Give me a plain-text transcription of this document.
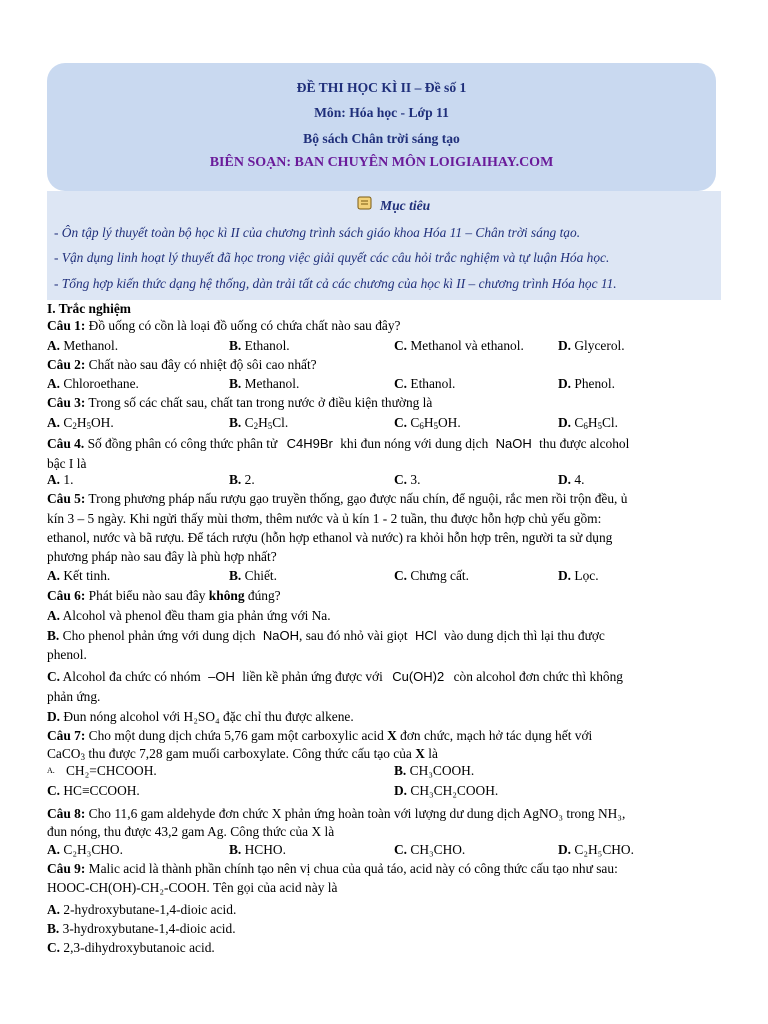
ĐỀ THI HỌC KÌ II – Đề số 1
Môn: Hóa học - Lớp 11
Bộ sách Chân trời sáng tạo
BIÊN SOẠN: BAN CHUYÊN MÔN LOIGIAIHAY.COM
Mục tiêu
- Ôn tập lý thuyết toàn bộ học kì II của chương trình sách giáo khoa Hóa 11 – Chân trời sáng tạo.
- Vận dụng linh hoạt lý thuyết đã học trong việc giải quyết các câu hỏi trắc nghiệm và tự luận Hóa học.
- Tổng hợp kiến thức dạng hệ thống, dàn trải tất cả các chương của học kì II – chương trình Hóa học 11.
I. Trắc nghiệm
Câu 1: Đồ uống có cồn là loại đồ uống có chứa chất nào sau đây?
A. Methanol.	B. Ethanol.	C. Methanol và ethanol.	D. Glycerol.
Câu 2: Chất nào sau đây có nhiệt độ sôi cao nhất?
A. Chloroethane.	B. Methanol.	C. Ethanol.	D. Phenol.
Câu 3: Trong số các chất sau, chất tan trong nước ở điều kiện thường là
A. $C_2H_5OH$.	B. $C_2H_5Cl$.	C. $C_6H_5OH$.	D. $C_6H_5Cl$.
Câu 4. Số đồng phân có công thức phân tử C4H9Br khi đun nóng với dung dịch NaOH thu được alcohol
bậc I là
A. 1.	B. 2.	C. 3.	D. 4.
Câu 5: Trong phương pháp nấu rượu gạo truyền thống, gạo được nấu chín, để nguội, rắc men rồi trộn đều, ủ
kín 3 – 5 ngày. Khi ngửi thấy mùi thơm, thêm nước và ủ kín 1 - 2 tuần, thu được hỗn hợp chủ yếu gồm:
ethanol, nước và bã rượu. Để tách rượu (hỗn hợp ethanol và nước) ra khỏi hỗn hợp trên, người ta sử dụng
phương pháp nào sau đây là phù hợp nhất?
A. Kết tinh.	B. Chiết.	C. Chưng cất.	D. Lọc.
Câu 6: Phát biểu nào sau đây không đúng?
A. Alcohol và phenol đều tham gia phản ứng với Na.
B. Cho phenol phản ứng với dung dịch NaOH, sau đó nhỏ vài giọt HCl vào dung dịch thì lại thu được
phenol.
C. Alcohol đa chức có nhóm –OH liền kề phản ứng được với Cu(OH)2 còn alcohol đơn chức thì không
phản ứng.
D. Đun nóng alcohol với H₂SO₄ đặc chỉ thu được alkene.
Câu 7: Cho một dung dịch chứa 5,76 gam một carboxylic acid X đơn chức, mạch hở tác dụng hết với
CaCO$_3$ thu được 7,28 gam muối carboxylate. Công thức cấu tạo của X là
A. CH₂=CHCOOH.	B. CH₃COOH.
C. HC≡CCOOH.	D. CH₃CH₂COOH.
Câu 8: Cho 11,6 gam aldehyde đơn chức X phản ứng hoàn toàn với lượng dư dung dịch AgNO₃ trong NH₃,
đun nóng, thu được 43,2 gam Ag. Công thức của X là
A. C₂H₃CHO.	B. HCHO.	C. CH₃CHO.	D. C₂H₅CHO.
Câu 9: Malic acid là thành phần chính tạo nên vị chua của quả táo, acid này có công thức cấu tạo như sau:
HOOC-CH(OH)-CH₂-COOH. Tên gọi của acid này là
A. 2-hydroxybutane-1,4-dioic acid.
B. 3-hydroxybutane-1,4-dioic acid.
C. 2,3-dihydroxybutanoic acid.
